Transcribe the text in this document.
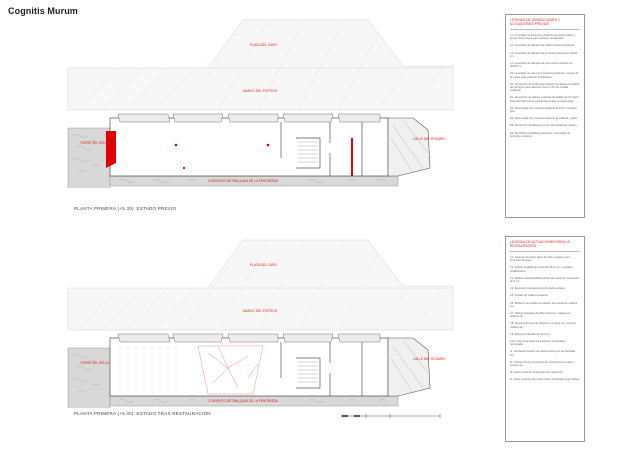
Cognitis Murum
PLAZA DEL CARO
MARCO DEL POSTIGO
TORRE DEL RELOJ
CONVENTO DE SAN JUAN DE LA PENITENCIA
CALLE DEL ROSARIO
PLANTA PRIMERA (+5.30): ESTADO PREVIO
PLAZA DEL CARO
MARCO DEL POSTIGO
TORRE DEL RELOJ
CONVENTO DE SAN JUAN DE LA PENITENCIA
CALLE DEL ROSARIO
PLANTA PRIMERA (+5.30): ESTADO TRAS RESTAURACIÓN
LEYENDA DE DEMOLICIONES Y ACTUACIONES PREVIAS
L1. Levantado de pavimento existente de piedra caliza y acopio de la misma para posterior reutilización.
L2. Levantado de tabiques de rasilla cerámica existente.
L3. Levantado de tabiques de cemento existente de 40x20 cm.
L4. Levantado de tabiques de yeso sobre existente de 40x20 cm.
L5. Levantado de teja curva cerámica existente y acopio de la misma para posterior reutilización.
D1. Demolición de tradicional existente de tabique de ladrillo de hormigón para descubrir tercio 1,2% de muralla medieval.
D2. Demolición de tabique existente de ladrillo de hormigón para descubrir hueco original de acceso en planta baja.
D3. Desmontaje de mampara existente de PVC y herrajes fijos.
D4. Desmontaje de mampara existente de madera y vidrio.
D5. Demolición de tabiquería y de carpinterías de madera.
D6. Demolición de tabique palomero y de forjado de hormigón existente.
LEYENDA DE ACTUACIONES PARA LA RESTAURACIÓN
C1. Capa de hormigón ligero de 10cm espesor para formación de base.
C2. Solera ventilada tipo cáviti de 35-12 cm. montados prefabricados.
C3. Mallazo electrosoldado 15x15 para capa de compresión de 5 cm.
C4. Reposición de pavimento de piedra antiguo.
C5. Forjado de madera existente.
C6. Refuerzo de forjado con tablero estructural de madera s/p.
C7. Tablero laminado de tabla temina de madera con aislante s/p.
C8. Nueva estructura de cubierta a un agua con panel de madera s/p.
C9. Plancha ondulada tejo tipo s/p.
C10. Teja curva cerámica existente recuperada y recolocada.
I1. Ventilación exterior de solera inferior por las fachadas s/p.
I2. Cámara interior perimetral de conexión entre solera y exterior s/p.
I3. Nuevo suelo de entarimado de madera s/p.
I4. Suelo existente de piedra caliza recolocada según dibujo.
